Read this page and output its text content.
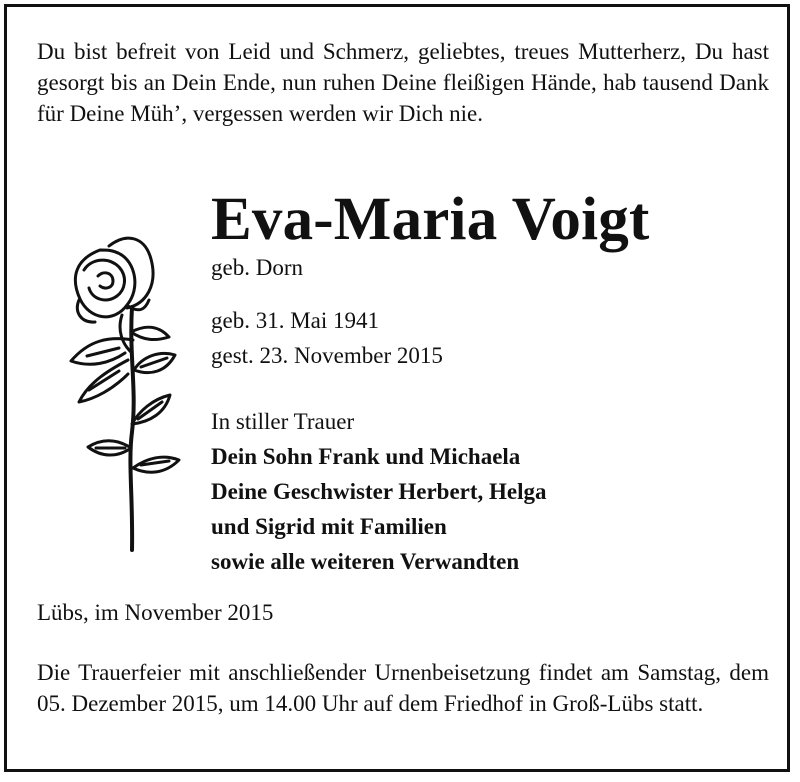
Du bist befreit von Leid und Schmerz, geliebtes, treues Mutterherz, Du hast gesorgt bis an Dein Ende, nun ruhen Deine fleißigen Hände, hab tausend Dank für Deine Müh’, vergessen werden wir Dich nie.

Eva-Maria Voigt

geb. Dorn

geb. 31. Mai 1941

gest. 23. November 2015

In stiller Trauer

Dein Sohn Frank und Michaela

Deine Geschwister Herbert, Helga

und Sigrid mit Familien

sowie alle weiteren Verwandten

Lübs, im November 2015

Die Trauerfeier mit anschließender Urnenbeisetzung findet am Samstag, dem 05. Dezember 2015, um 14.00 Uhr auf dem Friedhof in Groß-Lübs statt.
